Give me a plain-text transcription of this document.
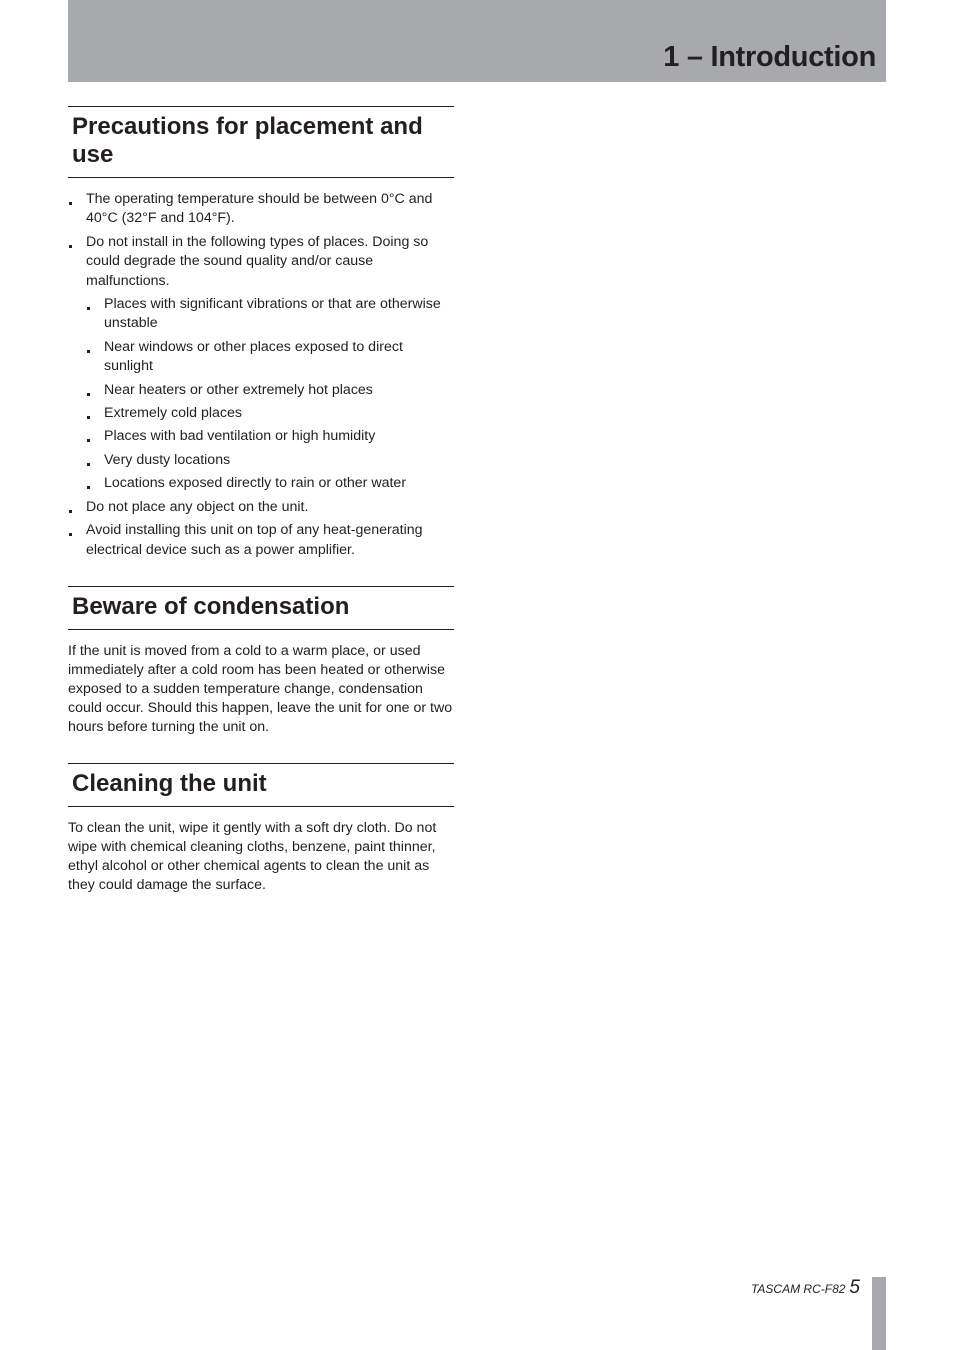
1 – Introduction
Precautions for placement and use
The operating temperature should be between 0°C and 40°C (32°F and 104°F).
Do not install in the following types of places. Doing so could degrade the sound quality and/or cause malfunctions.
Places with significant vibrations or that are otherwise unstable
Near windows or other places exposed to direct sunlight
Near heaters or other extremely hot places
Extremely cold places
Places with bad ventilation or high humidity
Very dusty locations
Locations exposed directly to rain or other water
Do not place any object on the unit.
Avoid installing this unit on top of any heat-generating electrical device such as a power amplifier.
Beware of condensation

If the unit is moved from a cold to a warm place, or used immediately after a cold room has been heated or otherwise exposed to a sudden temperature change, condensation could occur. Should this happen, leave the unit for one or two hours before turning the unit on.

Cleaning the unit

To clean the unit, wipe it gently with a soft dry cloth. Do not wipe with chemical cleaning cloths, benzene, paint thinner, ethyl alcohol or other chemical agents to clean the unit as they could damage the surface.

TASCAM RC-F82 5
